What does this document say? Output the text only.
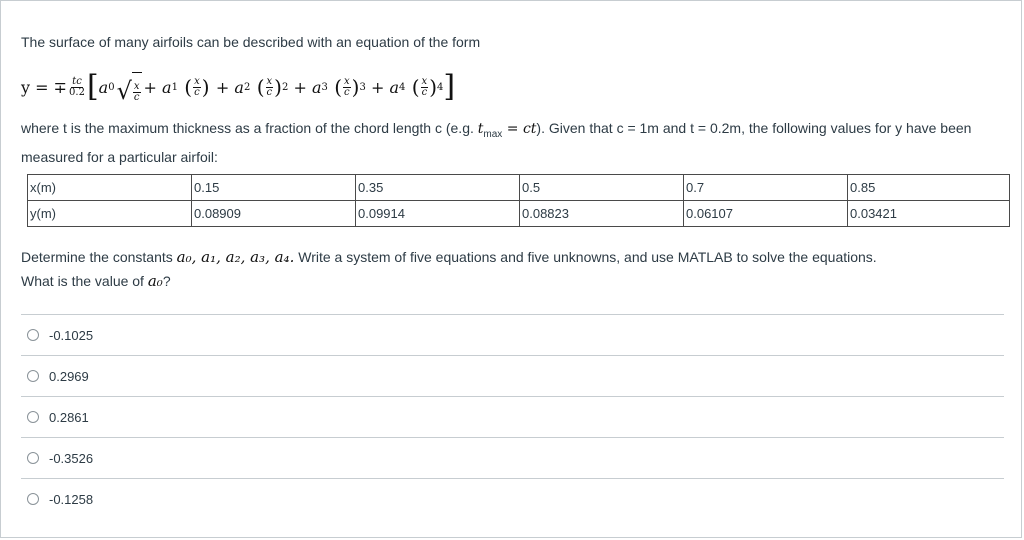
The surface of many airfoils can be described with an equation of the form
y = ∓ $\frac{tc}{0.2}$ [ a 0 √ $\frac{x}{c}$ +
a 1 ( $\frac{x}{c}$ ) +
a 2 ( $\frac{x}{c}$ ) 2
+
a 3 ( $\frac{x}{c}$ ) 3
+
a 4 ( $\frac{x}{c}$ ) 4 ]
where t is the maximum thickness as a fraction of the chord length c (e.g. $t_{max} = ct$). Given that c = 1m and t = 0.2m, the following values for y have been measured for a particular airfoil:
x(m)	0.15	0.35	0.5	0.7	0.85
y(m)	0.08909	0.09914	0.08823	0.06107	0.03421
Determine the constants a₀, a₁, a₂, a₃, a₄. Write a system of five equations and five unknowns, and use MATLAB to solve the equations.
What is the value of a₀?
-0.1025
0.2969
0.2861
-0.3526
-0.1258
